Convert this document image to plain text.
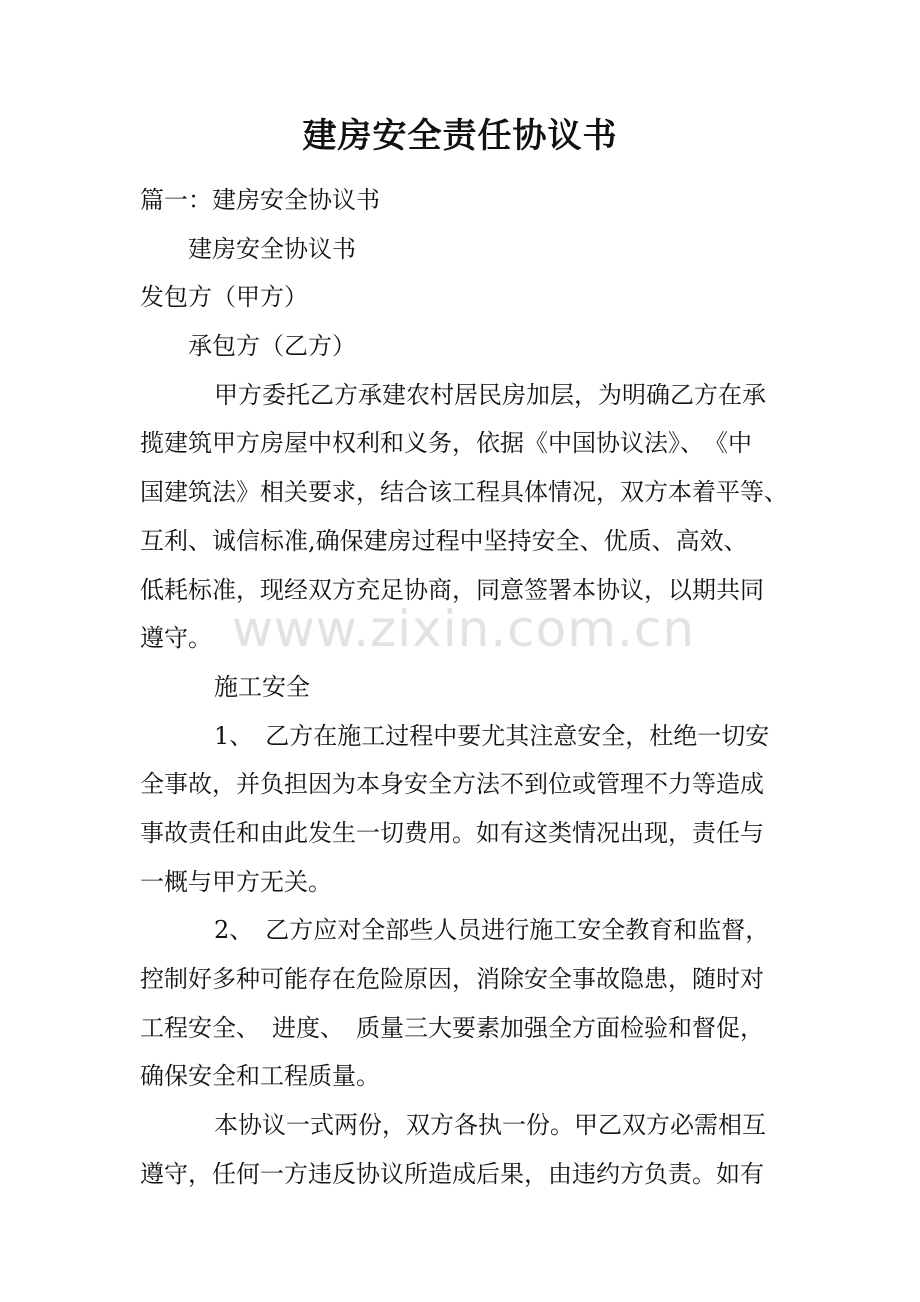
建房安全责任协议书
篇一：建房安全协议书
建房安全协议书
发包方（甲方）
承包方（乙方）
甲方委托乙方承建农村居民房加层，为明确乙方在承
揽建筑甲方房屋中权利和义务，依据《中国协议法》、　《中
国建筑法》相关要求，结合该工程具体情况，双方本着平等、
互利、诚信标准,确保建房过程中坚持安全、优质、高效、
低耗标准，现经双方充足协商，同意签署本协议，以期共同
遵守。
施工安全
1、　乙方在施工过程中要尤其注意安全，杜绝一切安
全事故，并负担因为本身安全方法不到位或管理不力等造成
事故责任和由此发生一切费用。如有这类情况出现，责任与
一概与甲方无关。
2、　乙方应对全部些人员进行施工安全教育和监督，
控制好多种可能存在危险原因，消除安全事故隐患，随时对
工程安全、　进度、　质量三大要素加强全方面检验和督促，
确保安全和工程质量。
本协议一式两份，双方各执一份。甲乙双方必需相互
遵守，任何一方违反协议所造成后果，由违约方负责。如有
www.zixin.com.cn
